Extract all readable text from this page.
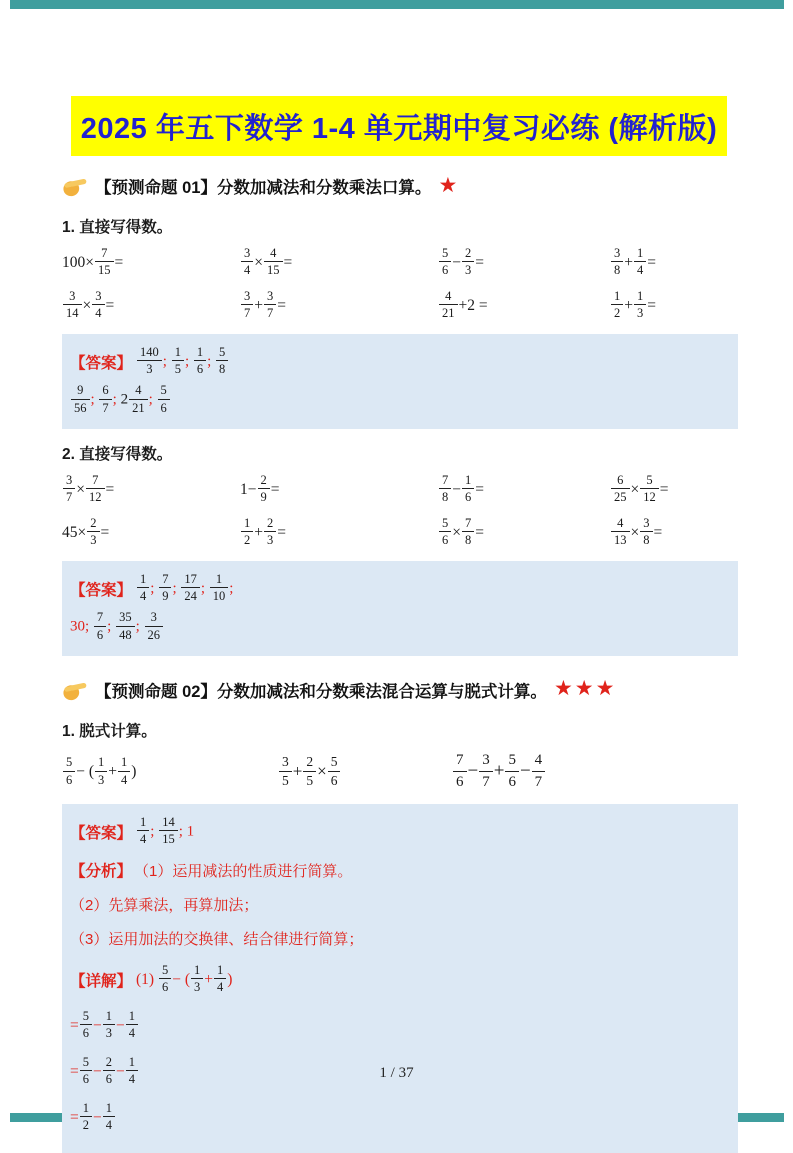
2025 年五下数学 1-4 单元期中复习必练 (解析版)
【预测命题 01】分数加减法和分数乘法口算。 ★
1. 直接写得数。
$100\times \frac{7}{15}$ =	$\frac{3}{4} \times \frac{4}{15}$ =	$\frac{5}{6} - \frac{2}{3}$ =	$\frac{3}{8} + \frac{1}{4}$ =
$\frac{3}{14} \times \frac{3}{4}$ =	$\frac{3}{7} + \frac{3}{7}$ =	$\frac{4}{21} +2$ =	$\frac{1}{2} + \frac{1}{3}$ =
【答案】 $\frac{140}{3}$ ; $\frac{1}{5}$ ; $\frac{1}{6}$ ; $\frac{5}{8}$
$\frac{9}{56}$ ; $\frac{6}{7}$ ; $2 \frac{4}{21}$ ; $\frac{5}{6}$
2. 直接写得数。
$\frac{3}{7} \times \frac{7}{12}$ =	$1- \frac{2}{9}$ =	$\frac{7}{8} - \frac{1}{6}$ =	$\frac{6}{25} \times \frac{5}{12}$ =
$45\times \frac{2}{3}$ =	$\frac{1}{2} + \frac{2}{3}$ =	$\frac{5}{6} \times \frac{7}{8}$ =	$\frac{4}{13} \times \frac{3}{8}$ =
【答案】 $\frac{1}{4}$ ; $\frac{7}{9}$ ; $\frac{17}{24}$ ; $\frac{1}{10}$ ;
30; $\frac{7}{6}$ ; $\frac{35}{48}$ ; $\frac{3}{26}$
【预测命题 02】分数加减法和分数乘法混合运算与脱式计算。 ★★★
1. 脱式计算。
$\frac{5}{6}$ − ( $\frac{1}{3} + \frac{1}{4}$ )	$\frac{3}{5} + \frac{2}{5} \times \frac{5}{6}$	$\frac{7}{6} - \frac{3}{7} + \frac{5}{6} - \frac{4}{7}$
【答案】 $\frac{1}{4}$ ; $\frac{14}{15}$ ; 1
【分析】 （1）运用减法的性质进行简算。
（2）先算乘法，再算加法；
（3）运用加法的交换律、结合律进行简算；
【详解】 $(1) \frac{5}{6}$ − ( $\frac{1}{3} + \frac{1}{4}$ )
= $\frac{5}{6} - \frac{1}{3} - \frac{1}{4}$
= $\frac{5}{6} - \frac{2}{6} - \frac{1}{4}$
= $\frac{1}{2} - \frac{1}{4}$
1 / 37
